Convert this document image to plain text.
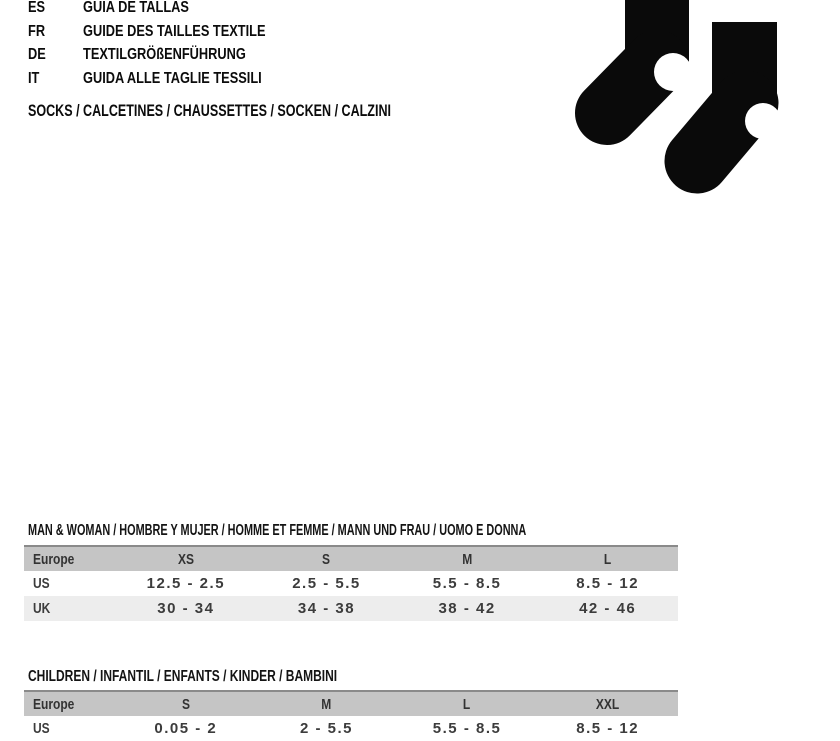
ES	GUIA DE TALLAS
FR	GUIDE DES TAILLES TEXTILE
DE	TEXTILGRÖßENFÜHRUNG
IT	GUIDA ALLE TAGLIE TESSILI
SOCKS / CALCETINES / CHAUSSETTES / SOCKEN / CALZINI
MAN & WOMAN / HOMBRE Y MUJER / HOMME ET FEMME / MANN UND FRAU / UOMO E DONNA
Europe	XS	S	M	L
US	12.5 - 2.5	2.5 - 5.5	5.5 - 8.5	8.5 - 12
UK	30 - 34	34 - 38	38 - 42	42 - 46
CHILDREN / INFANTIL / ENFANTS / KINDER / BAMBINI
Europe	S	M	L	XXL
US	0.05 - 2	2 - 5.5	5.5 - 8.5	8.5 - 12
